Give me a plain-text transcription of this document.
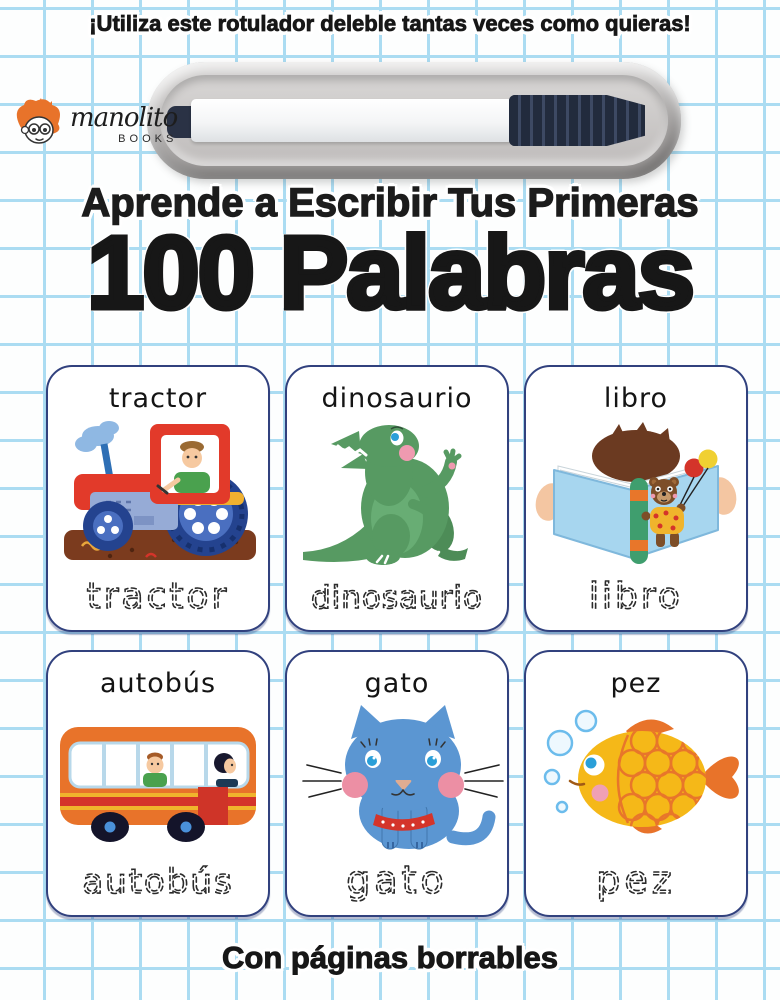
¡Utiliza este rotulador deleble tantas veces como quieras!
manolito
BOOKS
Aprende a Escribir Tus Primeras
100 Palabras
tractor
tractor
dinosaurio
dinosaurio
libro
libro
autobús
autobús
gato
gato
pez
pez
Con páginas borrables
